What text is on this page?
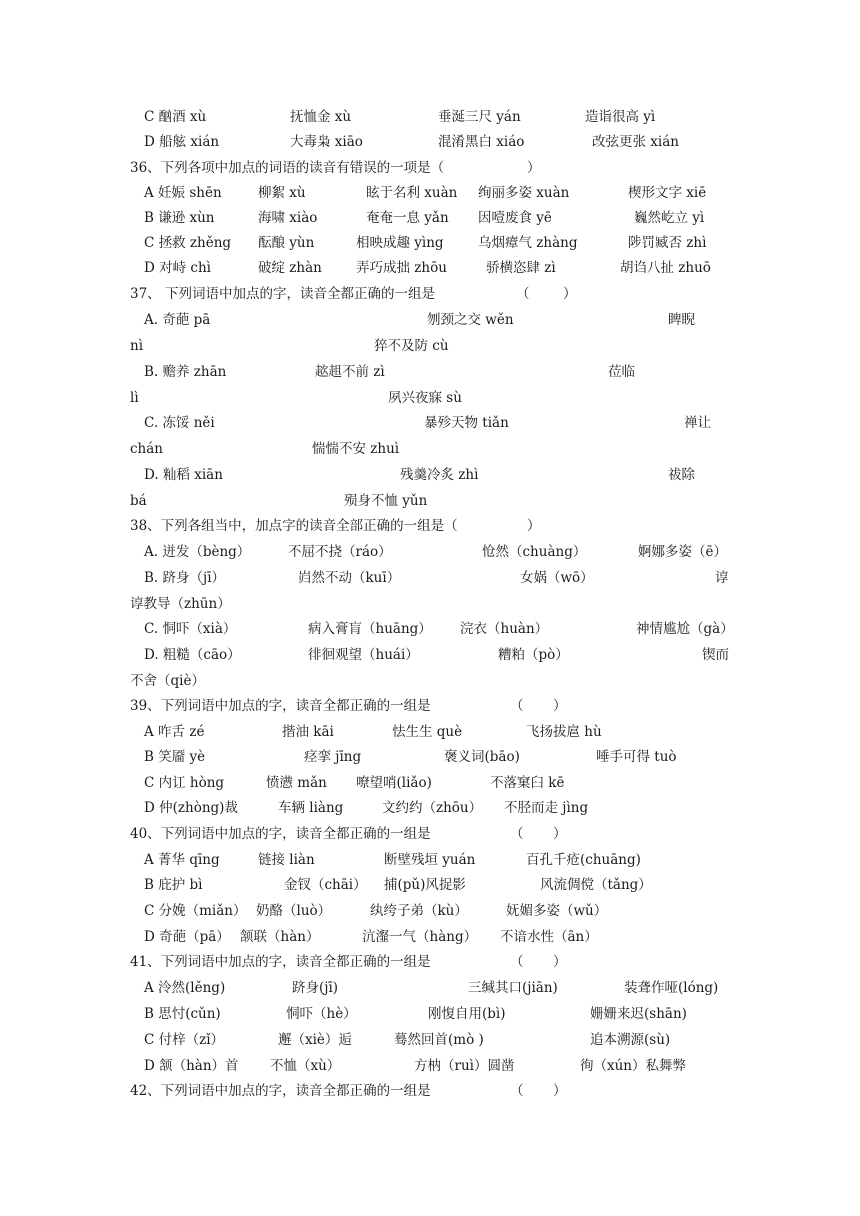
C 酗酒 xù	抚恤金 xù	垂涎三尺 yán	造诣很高 yì
D 船舷 xián	大毒枭 xiāo	混淆黑白 xiáo	改弦更张 xián
36、下列各项中加点的词语的读音有错误的一项是（	）
A 妊娠 shēn	柳絮 xù	眩于名利 xuàn 绚丽多姿 xuàn	楔形文字 xiē
B 谦逊 xùn	海啸 xiào	奄奄一息 yǎn 因噎废食 yē	巍然屹立 yì
C 拯救 zhěng 酝酿 yùn	相映成趣 yìng	乌烟瘴气 zhàng	陟罚臧否 zhì
D 对峙 chì	破绽 zhàn	弄巧成拙 zhōu	骄横恣肆 zì	胡诌八扯 zhuō
37、 下列词语中加点的字，读音全都正确的一组是	（ ）
A. 奇葩 pā	刎颈之交 wěn	睥睨
nì	猝不及防 cù
B. 赡养 zhān	趑趄不前 zì	莅临
lì	夙兴夜寐 sù
C. 冻馁 něi	暴殄天物 tiǎn	禅让
chán	惴惴不安 zhuì
D. 籼稻 xiān	残羹冷炙 zhì	祓除
bá	殒身不恤 yǔn
38、下列各组当中，加点字的读音全部正确的一组是（	）
A. 迸发（bèng）	不屈不挠（ráo）	怆然（chuàng）	婀娜多姿（ē）
B. 跻身（jī）	岿然不动（kuī）	女娲（wō）	谆
谆教导（zhūn）
C. 恫吓（xià）	病入膏肓（huāng） 浣衣（huàn）	神情尴尬（gà）
D. 粗糙（cāo）	徘徊观望（huái）	糟粕（pò）	锲而
不舍（qiè）
39、下列词语中加点的字，读音全都正确的一组是	（ ）
A 咋舌 zé	揩油 kāi	怯生生 què	飞扬拔扈 hù
B 笑靥 yè	痉挛 jīng	褒义词(bāo)	唾手可得 tuò
C 内讧 hòng	愤懑 mǎn 嘹望哨(liǎo)	不落窠臼 kē
D 仲(zhòng)裁	车辆 liàng	文约约（zhōu） 不胫而走 jìng
40、下列词语中加点的字，读音全都正确的一组是	（ ）
A 菁华 qīng	链接 liàn	断壁残垣 yuán	百孔千疮(chuāng)
B 庇护 bì	金钗（chāi） 捕(pǔ)风捉影	风流倜傥（tǎng）
C 分娩（miǎn） 奶酪（luò）	纨绔子弟（kù）	妩媚多姿（wǔ）
D 奇葩（pā） 颔联（hàn）	沆瀣一气（hàng） 不谙水性（ān）
41、下列词语中加点的字，读音全都正确的一组是	（ ）
A 泠然(lěng)	跻身(jī)	三缄其口(jiān)	装聋作哑(lóng)
B 思忖(cǔn)	恫吓（hè）	刚愎自用(bì)	姗姗来迟(shān)
C 付梓（zǐ）	邂（xiè）逅	蓦然回首(mò )	追本溯源(sù)
D 颔（hàn）首 不恤（xù）	方枘（ruì）圆凿	徇（xún）私舞弊
42、下列词语中加点的字，读音全都正确的一组是	（ ）
